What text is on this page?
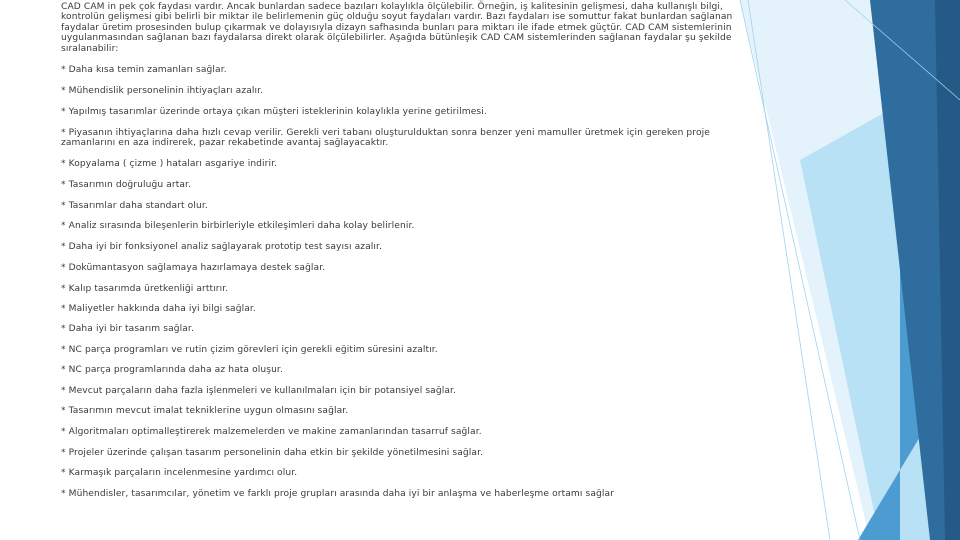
CAD CAM in pek çok faydası vardır. Ancak bunlardan sadece bazıları kolaylıkla ölçülebilir. Örneğin, iş kalitesinin gelişmesi, daha kullanışlı bilgi, kontrolün gelişmesi gibi belirli bir miktar ile belirlemenin güç olduğu soyut faydaları vardır. Bazı faydaları ise somuttur fakat bunlardan sağlanan faydalar üretim prosesinden bulup çıkarmak ve dolayısıyla dizayn safhasında bunları para miktarı ile ifade etmek güçtür. CAD CAM sistemlerinin uygulanmasından sağlanan bazı faydalarsa direkt olarak ölçülebilirler. Aşağıda bütünleşik CAD CAM sistemlerinden sağlanan faydalar şu şekilde sıralanabilir:

* Daha kısa temin zamanları sağlar.
* Mühendislik personelinin ihtiyaçları azalır.
* Yapılmış tasarımlar üzerinde ortaya çıkan müşteri isteklerinin kolaylıkla yerine getirilmesi.
* Piyasanın ihtiyaçlarına daha hızlı cevap verilir. Gerekli veri tabanı oluşturulduktan sonra benzer yeni mamuller üretmek için gereken proje zamanlarını en aza indirerek, pazar rekabetinde avantaj sağlayacaktır.
* Kopyalama ( çizme ) hataları asgariye indirir.
* Tasarımın doğruluğu artar.
* Tasarımlar daha standart olur.
* Analiz sırasında bileşenlerin birbirleriyle etkileşimleri daha kolay belirlenir.
* Daha iyi bir fonksiyonel analiz sağlayarak prototip test sayısı azalır.
* Dokümantasyon sağlamaya hazırlamaya destek sağlar.
* Kalıp tasarımda üretkenliği arttırır.
* Maliyetler hakkında daha iyi bilgi sağlar.
* Daha iyi bir tasarım sağlar.
* NC parça programları ve rutin çizim görevleri için gerekli eğitim süresini azaltır.
* NC parça programlarında daha az hata oluşur.
* Mevcut parçaların daha fazla işlenmeleri ve kullanılmaları için bir potansiyel sağlar.
* Tasarımın mevcut imalat tekniklerine uygun olmasını sağlar.
* Algoritmaları optimalleştirerek malzemelerden ve makine zamanlarından tasarruf sağlar.
* Projeler üzerinde çalışan tasarım personelinin daha etkin bir şekilde yönetilmesini sağlar.
* Karmaşık parçaların incelenmesine yardımcı olur.
* Mühendisler, tasarımcılar, yönetim ve farklı proje grupları arasında daha iyi bir anlaşma ve haberleşme ortamı sağlar
